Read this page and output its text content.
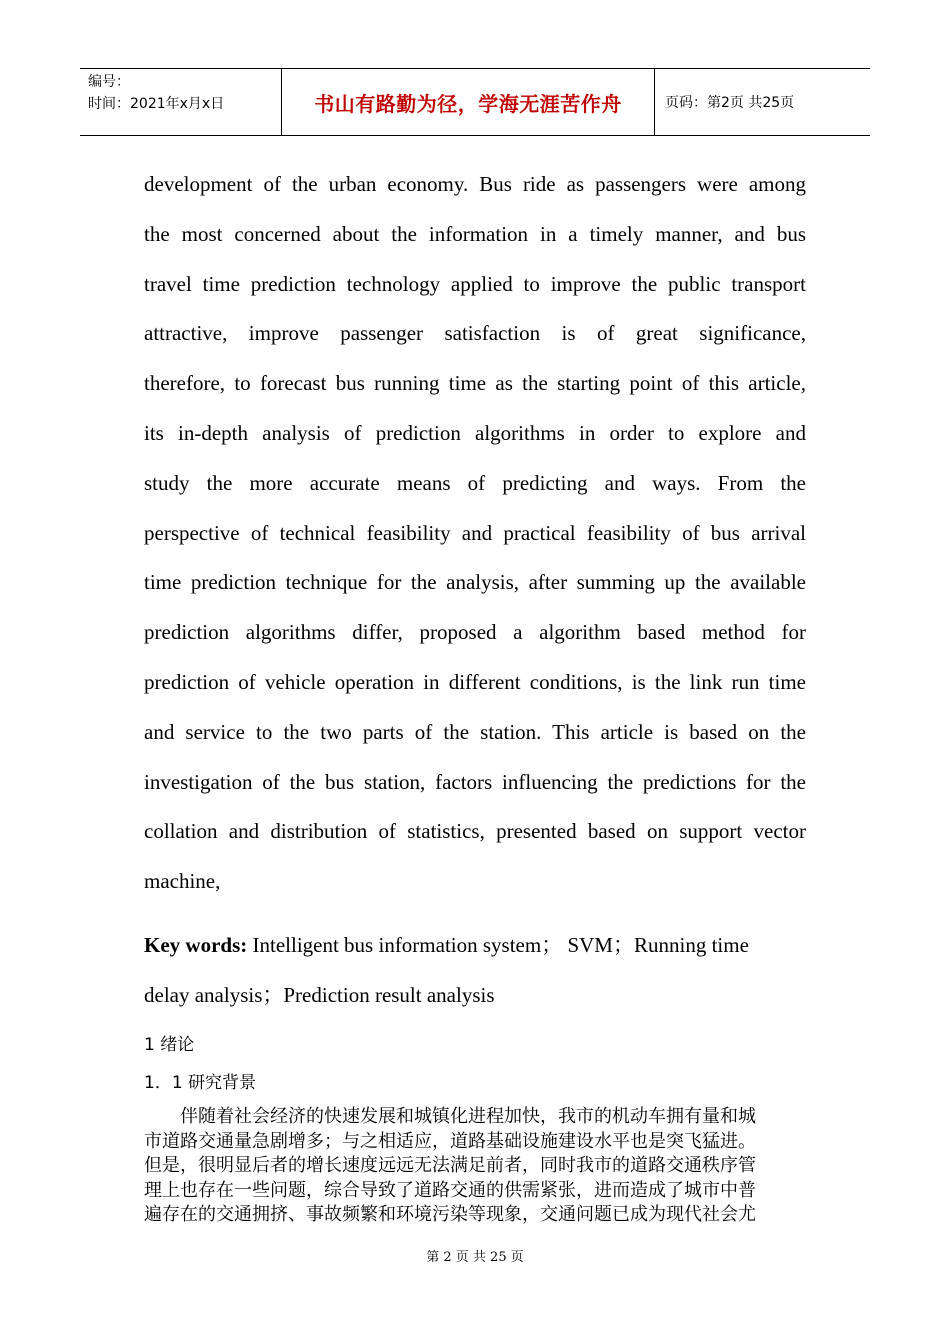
编号：
时间：2021年x月x日	书山有路勤为径，学海无涯苦作舟	页码：第2页 共25页
development of the urban economy. Bus ride as passengers were among
the most concerned about the information in a timely manner, and bus
travel time prediction technology applied to improve the public transport
attractive, improve passenger satisfaction is of great significance,
therefore, to forecast bus running time as the starting point of this article,
its in-depth analysis of prediction algorithms in order to explore and
study the more accurate means of predicting and ways. From the
perspective of technical feasibility and practical feasibility of bus arrival
time prediction technique for the analysis, after summing up the available
prediction algorithms differ, proposed a algorithm based method for
prediction of vehicle operation in different conditions, is the link run time
and service to the two parts of the station. This article is based on the
investigation of the bus station, factors influencing the predictions for the
collation and distribution of statistics, presented based on support vector
machine,
Key words: Intelligent bus information system； SVM；Running time
delay analysis；Prediction result analysis
1 绪论
1．1 研究背景
　　伴随着社会经济的快速发展和城镇化进程加快，我市的机动车拥有量和城
市道路交通量急剧增多；与之相适应，道路基础设施建设水平也是突飞猛进。
但是，很明显后者的增长速度远远无法满足前者，同时我市的道路交通秩序管
理上也存在一些问题，综合导致了道路交通的供需紧张，进而造成了城市中普
遍存在的交通拥挤、事故频繁和环境污染等现象，交通问题已成为现代社会尤
第 2 页 共 25 页
